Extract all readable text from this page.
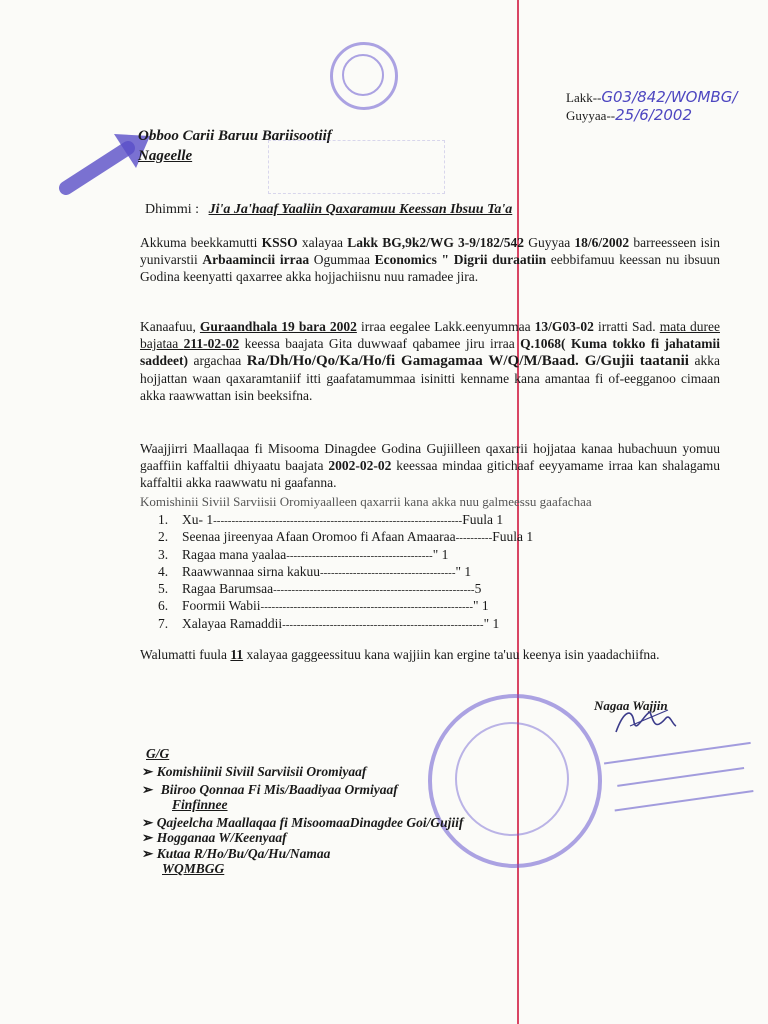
Lakk--G03/842/WOMBG/
Guyyaa--25/6/2002
Obboo Carii Baruu Bariisootiif
Nageelle
Dhimmi : Ji'a Ja'haaf Yaaliin Qaxaramuu Keessan Ibsuu Ta'a
Akkuma beekkamutti KSSO xalayaa Lakk BG,9k2/WG 3-9/182/542 Guyyaa 18/6/2002 barreesseen isin yunivarstii Arbaamincii irraa Ogummaa Economics " Digrii duraatiin eebbifamuu keessan nu ibsuun Godina keenyatti qaxarree akka hojjachiisnu nuu ramadee jira.
Kanaafuu, Guraandhala 19 bara 2002 irraa eegalee Lakk.eenyummaa 13/G03-02 irratti Sad. mata duree bajataa 211-02-02 keessa baajata Gita duwwaaf qabamee jiru irraa Q.1068( Kuma tokko fi jahatamii saddeet) argachaa Ra/Dh/Ho/Qo/Ka/Ho/fi Gamagamaa W/Q/M/Baad. G/Gujii taatanii akka hojjattan waan qaxaramtaniif itti gaafatamummaa isinitti kenname kana amantaa fi of-eegganoo cimaan akka raawwattan isin beeksifna.
Waajjirri Maallaqaa fi Misooma Dinagdee Godina Gujiilleen qaxarrii hojjataa kanaa hubachuun yomuu gaaffiin kaffaltii dhiyaatu baajata 2002-02-02 keessaa mindaa gitichaaf eeyyamame irraa kan shalagamu kaffaltii akka raawwatu ni gaafanna.
Komishinii Siviil Sarviisii Oromiyaalleen qaxarrii kana akka nuu galmeessu gaafachaa
1. Xu- 1--------------------------------------------------------------------Fuula 1
2. Seenaa jireenyaa Afaan Oromoo fi Afaan Amaaraa----------Fuula 1
3. Ragaa mana yaalaa----------------------------------------" 1
4. Raawwannaa sirna kakuu-------------------------------------" 1
5. Ragaa Barumsaa-------------------------------------------------------5
6. Foormii Wabii----------------------------------------------------------" 1
7. Xalayaa Ramaddii-------------------------------------------------------" 1
Walumatti fuula 11 xalayaa gaggeessituu kana wajjiin kan ergine ta'uu keenya isin yaadachiifna.
Nagaa Wajjin
G/G
➢ Komishiinii Siviil Sarviisii Oromiyaaf
➢ Biiroo Qonnaa Fi Mis/Baadiyaa Ormiyaaf
Finfinnee
➢ Qajeelcha Maallaqaa fi MisoomaaDinagdee Goi/Gujiif
➢ Hogganaa W/Keenyaaf
➢ Kutaa R/Ho/Bu/Qa/Hu/Namaa
WQMBGG
